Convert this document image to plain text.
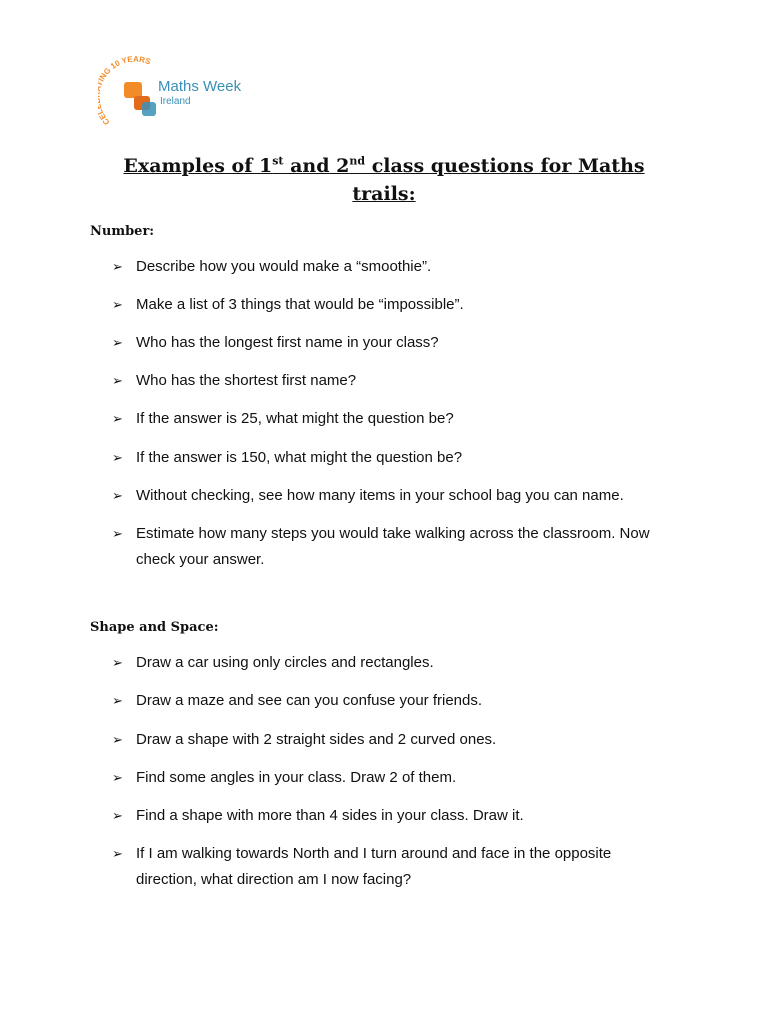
CE NG 10 YEARS
Maths Week
Ireland
Examples of 1st and 2nd class questions for Maths trails:
Number:
➢ Describe how you would make a “smoothie”.
➢ Make a list of 3 things that would be “impossible”.
➢ Who has the longest first name in your class?
➢ Who has the shortest first name?
➢ If the answer is 25, what might the question be?
➢ If the answer is 150, what might the question be?
➢ Without checking, see how many items in your school bag you can name.
➢ Estimate how many steps you would take walking across the classroom. Now check your answer.
Shape and Space:
➢ Draw a car using only circles and rectangles.
➢ Draw a maze and see can you confuse your friends.
➢ Draw a shape with 2 straight sides and 2 curved ones.
➢ Find some angles in your class. Draw 2 of them.
➢ Find a shape with more than 4 sides in your class. Draw it.
➢ If I am walking towards North and I turn around and face in the opposite direction, what direction am I now facing?
